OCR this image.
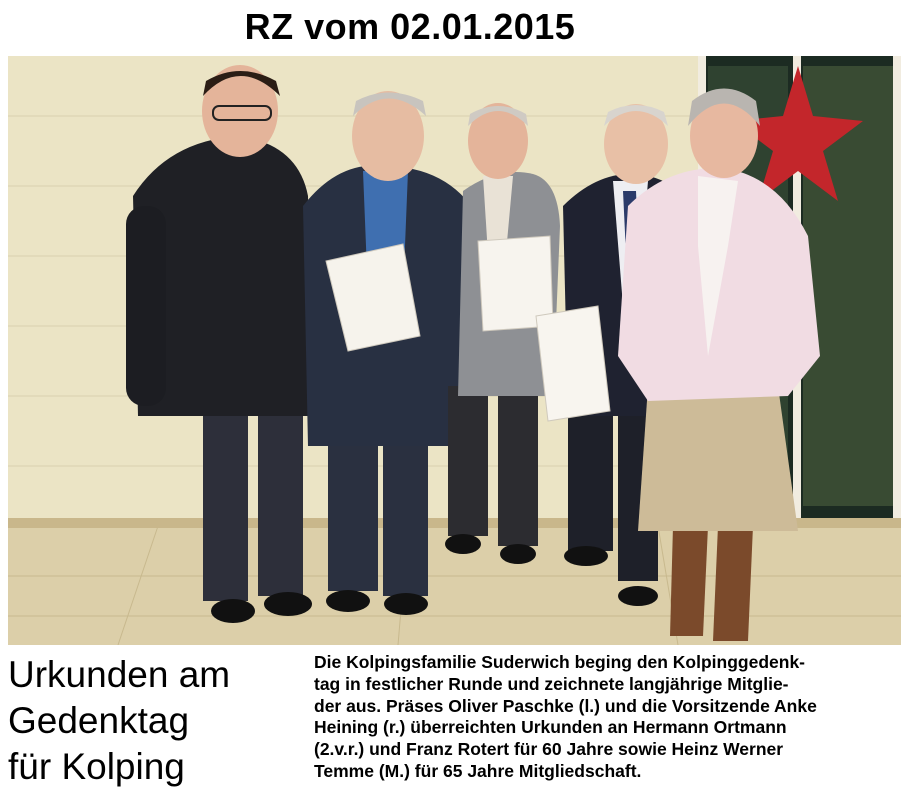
RZ vom 02.01.2015
Urkunden am
Gedenktag
für Kolping
Die Kolpingsfamilie Suderwich beging den Kolpinggedenk-
tag in festlicher Runde und zeichnete langjährige Mitglie-
der aus. Präses Oliver Paschke (l.) und die Vorsitzende Anke
Heining (r.) überreichten Urkunden an Hermann Ortmann
(2.v.r.) und Franz Rotert für 60 Jahre sowie Heinz Werner
Temme (M.) für 65 Jahre Mitgliedschaft.
